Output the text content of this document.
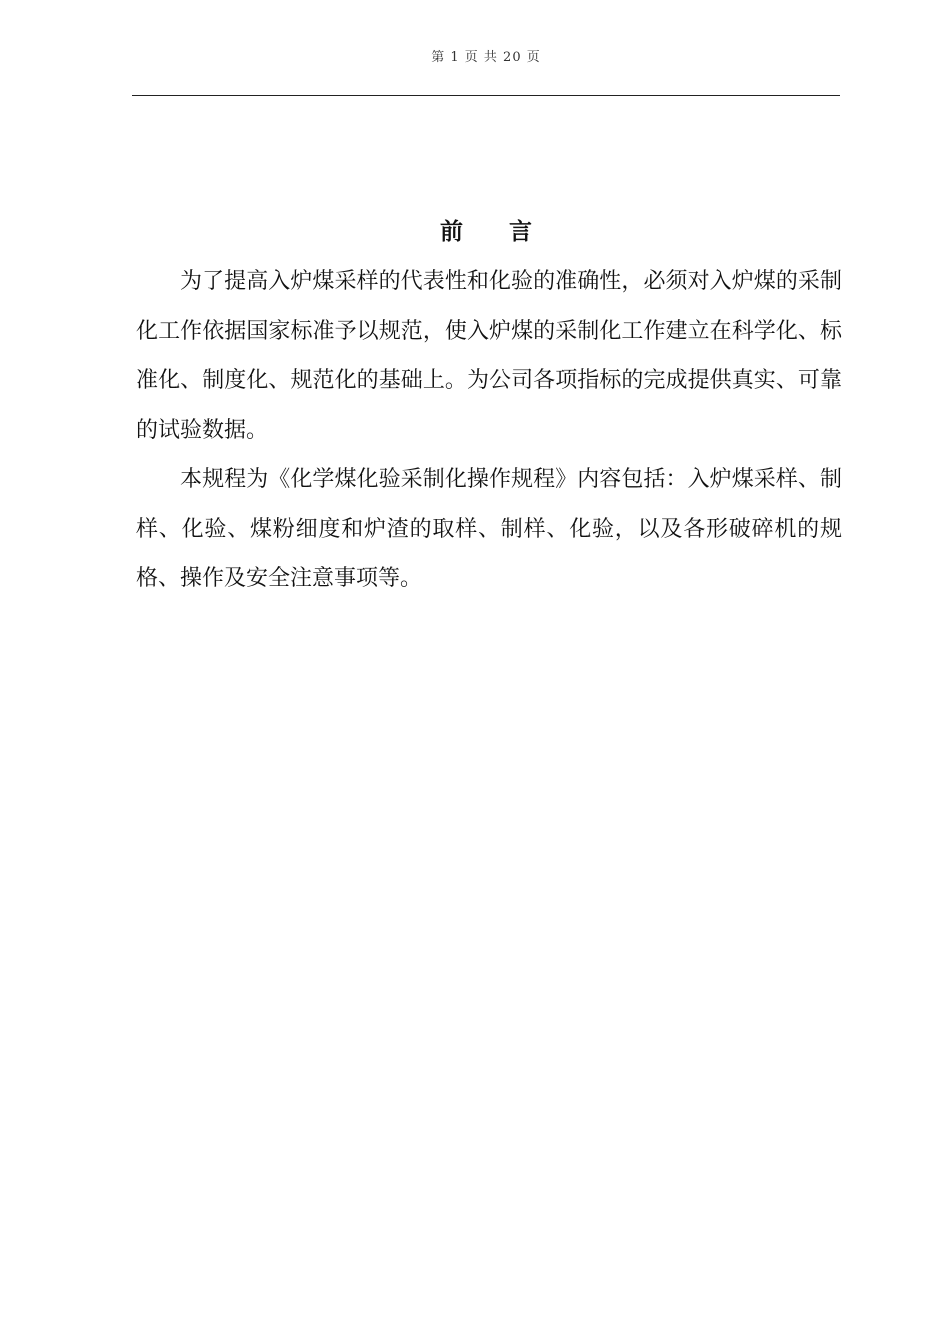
第 1 页 共 20 页
前 言

为了提高入炉煤采样的代表性和化验的准确性，必须对入炉煤的采制化工作依据国家标准予以规范，使入炉煤的采制化工作建立在科学化、标准化、制度化、规范化的基础上。为公司各项指标的完成提供真实、可靠的试验数据。

本规程为《化学煤化验采制化操作规程》内容包括：入炉煤采样、制样、化验、煤粉细度和炉渣的取样、制样、化验，以及各形破碎机的规格、操作及安全注意事项等。
